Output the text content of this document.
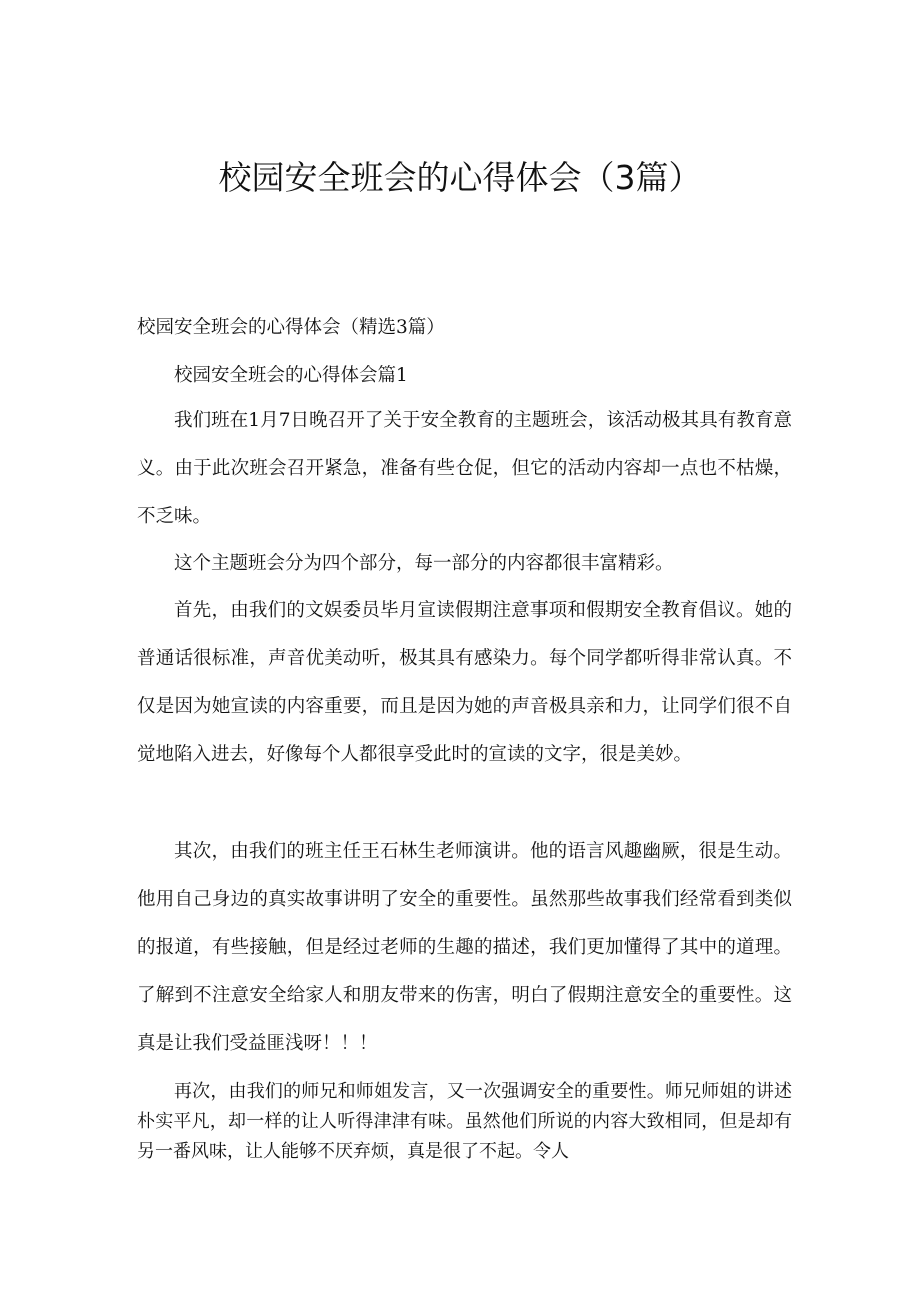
校园安全班会的心得体会（3篇）

校园安全班会的心得体会（精选3篇）

校园安全班会的心得体会篇1

我们班在1月7日晚召开了关于安全教育的主题班会，该活动极其具有教育意义。由于此次班会召开紧急，准备有些仓促，但它的活动内容却一点也不枯燥，不乏味。

这个主题班会分为四个部分，每一部分的内容都很丰富精彩。

首先，由我们的文娱委员毕月宣读假期注意事项和假期安全教育倡议。她的普通话很标准，声音优美动听，极其具有感染力。每个同学都听得非常认真。不仅是因为她宣读的内容重要，而且是因为她的声音极具亲和力，让同学们很不自觉地陷入进去，好像每个人都很享受此时的宣读的文字，很是美妙。

其次，由我们的班主任王石林生老师演讲。他的语言风趣幽厥，很是生动。他用自己身边的真实故事讲明了安全的重要性。虽然那些故事我们经常看到类似的报道，有些接触，但是经过老师的生趣的描述，我们更加懂得了其中的道理。了解到不注意安全给家人和朋友带来的伤害，明白了假期注意安全的重要性。这真是让我们受益匪浅呀！！！

再次，由我们的师兄和师姐发言，又一次强调安全的重要性。师兄师姐的讲述朴实平凡，却一样的让人听得津津有味。虽然他们所说的内容大致相同，但是却有另一番风味，让人能够不厌弃烦，真是很了不起。令人
